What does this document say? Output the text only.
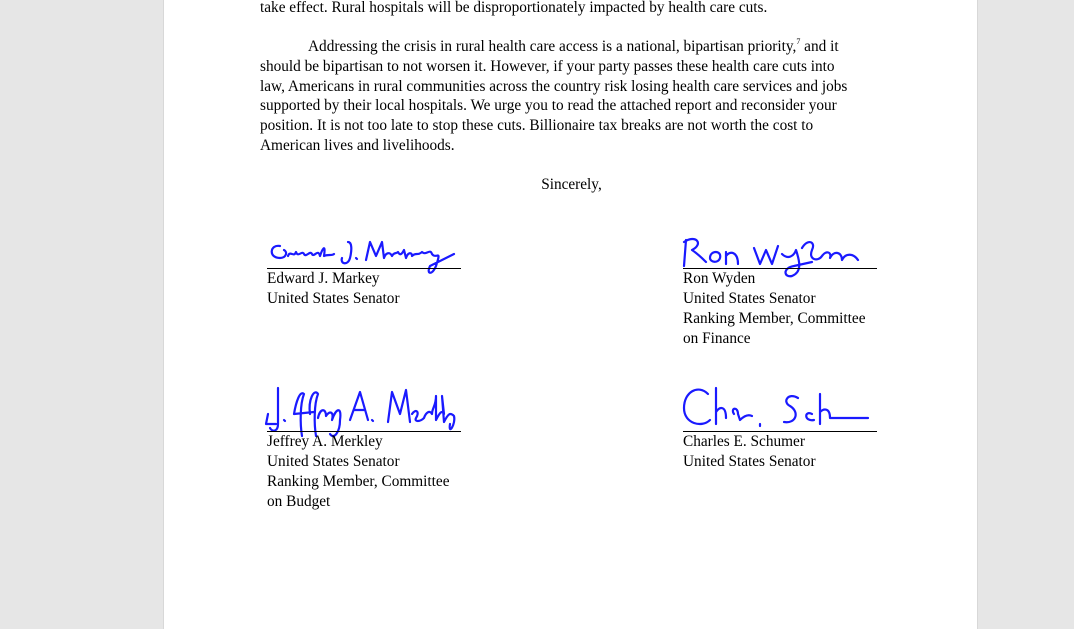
take effect. Rural hospitals will be disproportionately impacted by health care cuts.
Addressing the crisis in rural health care access is a national, bipartisan priority,$^7$ and it
should be bipartisan to not worsen it. However, if your party passes these health care cuts into
law, Americans in rural communities across the country risk losing health care services and jobs
supported by their local hospitals. We urge you to read the attached report and reconsider your
position. It is not too late to stop these cuts. Billionaire tax breaks are not worth the cost to
American lives and livelihoods.
Sincerely,
Edward J. Markey
United States Senator
Ron Wyden
United States Senator
Ranking Member, Committee
on Finance
Jeffrey A. Merkley
United States Senator
Ranking Member, Committee
on Budget
Charles E. Schumer
United States Senator
